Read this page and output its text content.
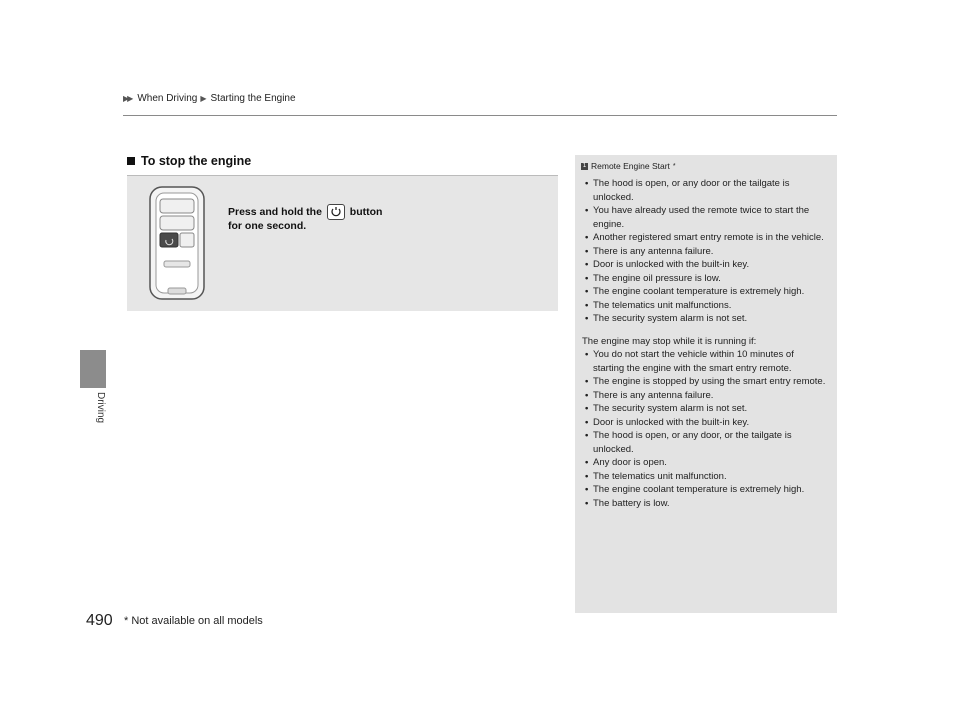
▶▶ When Driving ▶ Starting the Engine
Driving
To stop the engine
Press and hold the	button
for one second.
1 Remote Engine Start *
• The hood is open, or any door or the tailgate is unlocked.
• You have already used the remote twice to start the engine.
• Another registered smart entry remote is in the vehicle.
• There is any antenna failure.
• Door is unlocked with the built-in key.
• The engine oil pressure is low.
• The engine coolant temperature is extremely high.
• The telematics unit malfunctions.
• The security system alarm is not set.

The engine may stop while it is running if:

• You do not start the vehicle within 10 minutes of starting the engine with the smart entry remote.
• The engine is stopped by using the smart entry remote.
• There is any antenna failure.
• The security system alarm is not set.
• Door is unlocked with the built-in key.
• The hood is open, or any door, or the tailgate is unlocked.
• Any door is open.
• The telematics unit malfunction.
• The engine coolant temperature is extremely high.
• The battery is low.
490 * Not available on all models
